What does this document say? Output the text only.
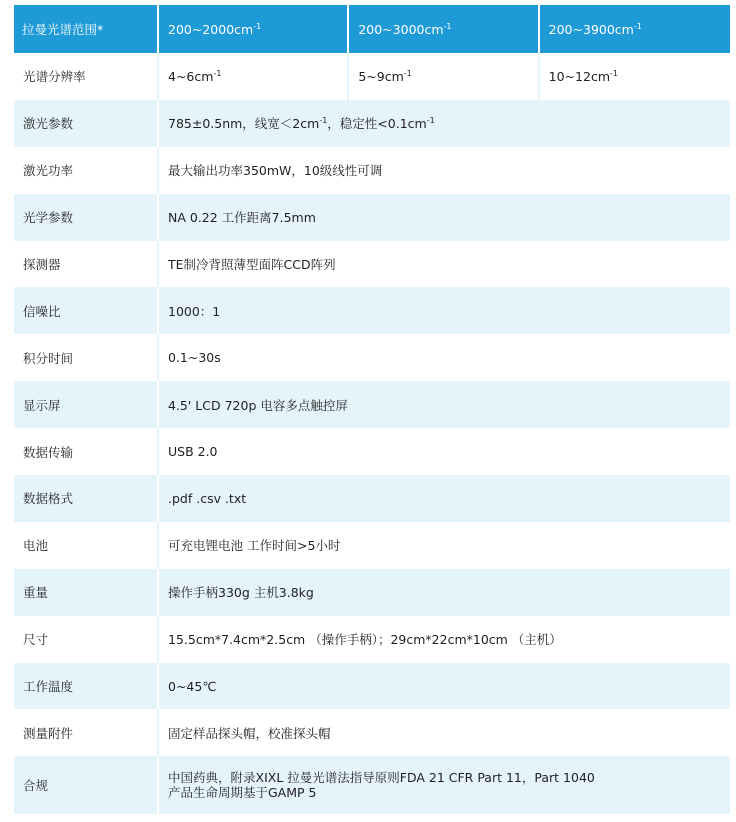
拉曼光谱范围*	$200\sim 2000cm^{-1}$	$200\sim 3000cm^{-1}$	$200\sim 3900cm^{-1}$
光谱分辨率	$4\sim 6cm^{-1}$	$5\sim 9cm^{-1}$	$10\sim 12cm^{-1}$
激光参数	785±0.5nm，线宽$<2cm^{-1}$，稳定性$<0.1cm^{-1}$
激光功率	最大输出功率350mW，10级线性可调		
光学参数	NA 0.22 工作距离7.5mm		
探测器	TE制冷背照薄型面阵CCD阵列		
信噪比	1000：1		
积分时间	0.1~30s		
显示屏	4.5' LCD 720p 电容多点触控屏		
数据传输	USB 2.0		
数据格式	.pdf .csv .txt		
电池	可充电锂电池 工作时间>5小时		
重量	操作手柄330g 主机3.8kg		
尺寸	15.5cm*7.4cm*2.5cm （操作手柄）；29cm*22cm*10cm （主机）		
工作温度	0~45℃		
测量附件	固定样品探头帽，校准探头帽		
合规	中国药典，附录XIXL 拉曼光谱法指导原则FDA 21 CFR Part 11，Part 1040
产品生命周期基于GAMP 5		
